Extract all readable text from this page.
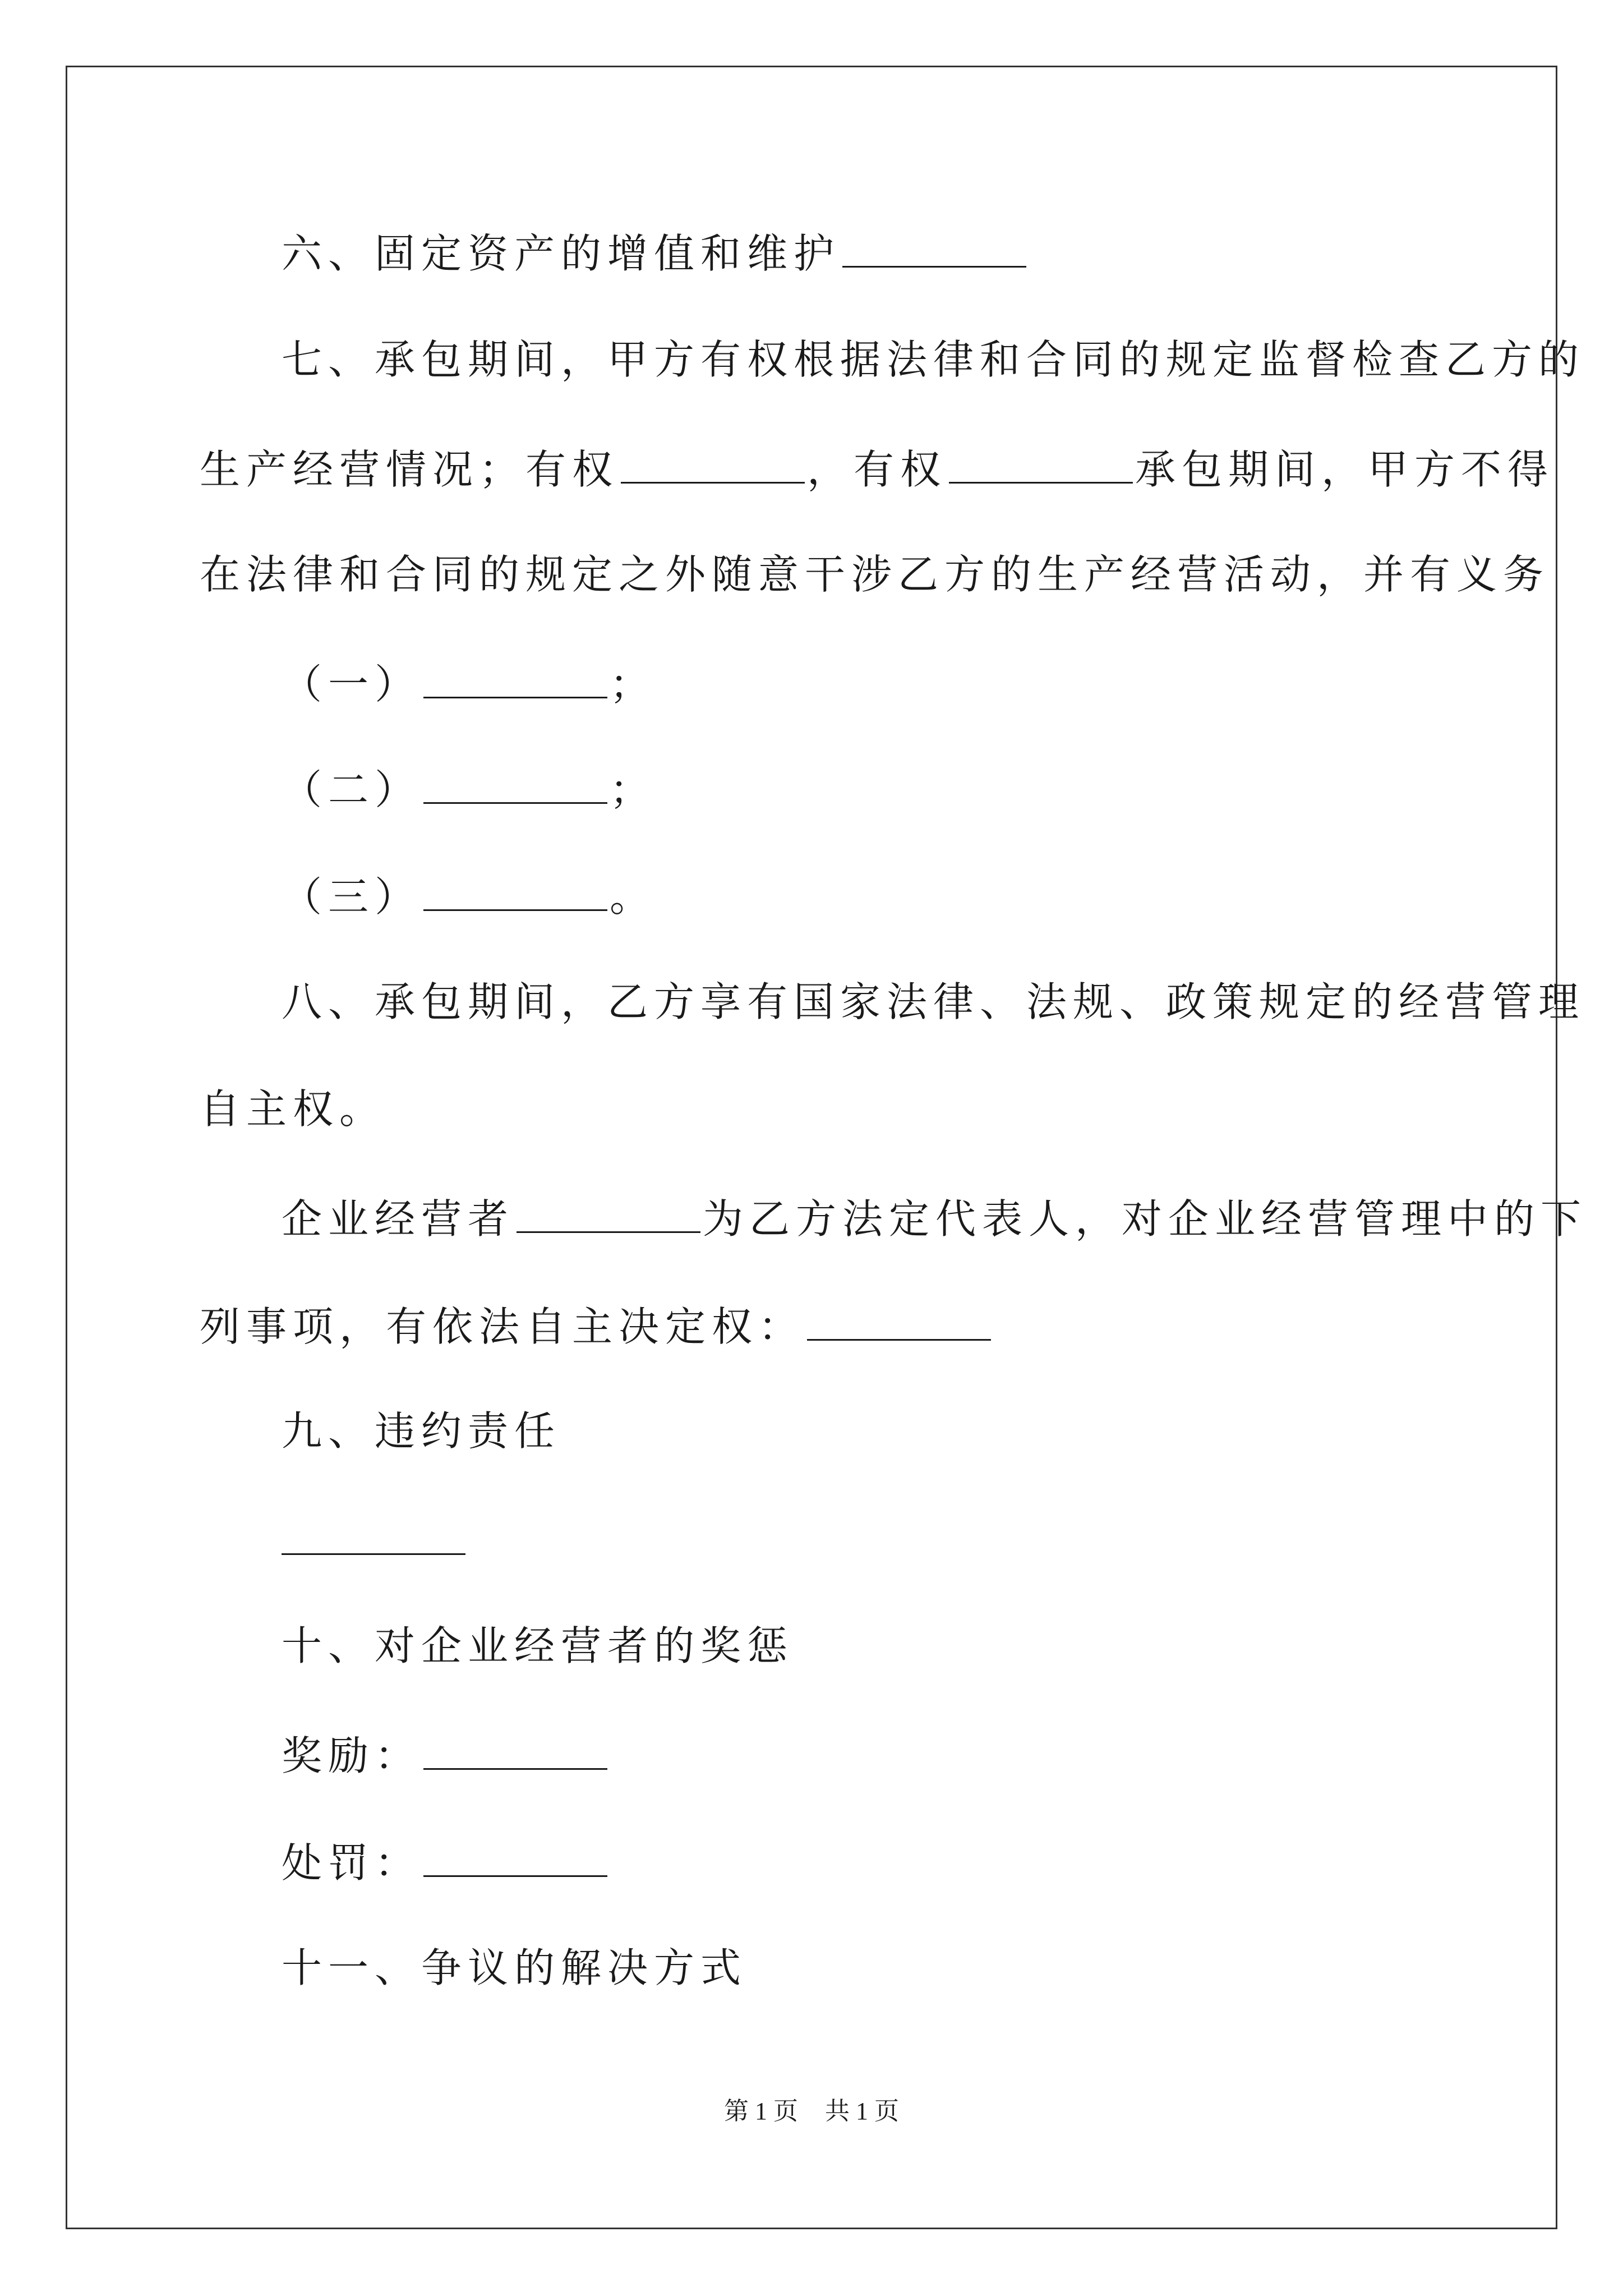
六、固定资产的增值和维护
七、承包期间，甲方有权根据法律和合同的规定监督检查乙方的
生产经营情况；有权	，有权	承包期间，甲方不得
在法律和合同的规定之外随意干涉乙方的生产经营活动，并有义务
（一）	；
（二）	；
（三）	。
八、承包期间，乙方享有国家法律、法规、政策规定的经营管理
自主权。
企业经营者	为乙方法定代表人，对企业经营管理中的下
列事项，有依法自主决定权：
九、违约责任
十、对企业经营者的奖惩
奖励：
处罚：
十一、争议的解决方式
第 1 页 共 1 页
